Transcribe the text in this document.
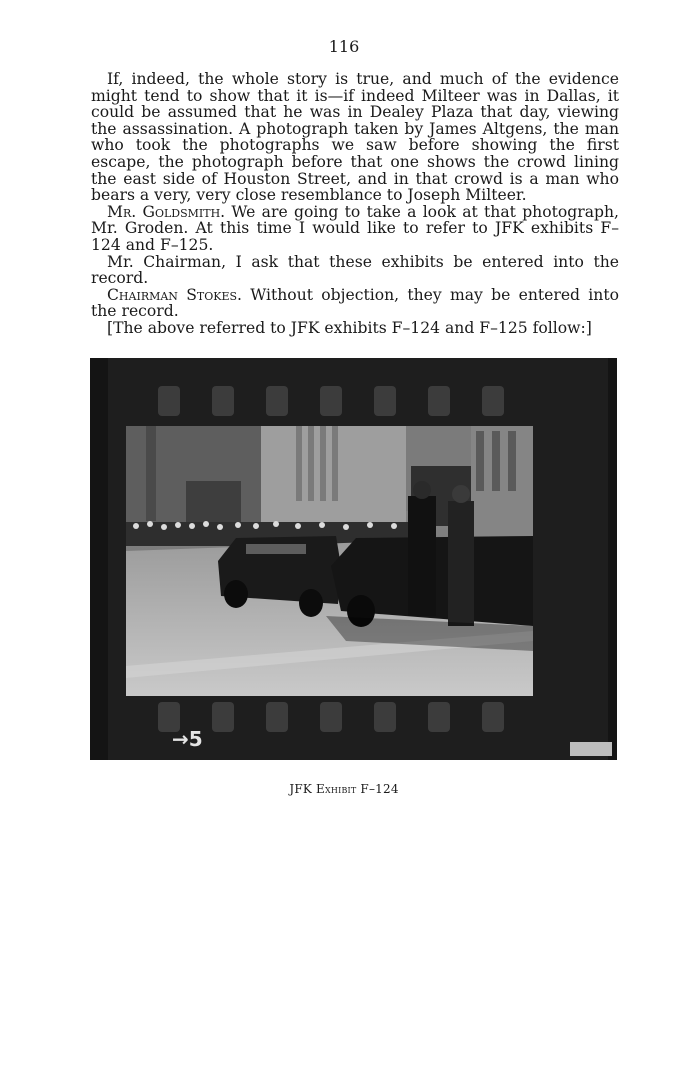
116

If, indeed, the whole story is true, and much of the evidence might tend to show that it is—if indeed Milteer was in Dallas, it could be assumed that he was in Dealey Plaza that day, viewing the assassination. A photograph taken by James Altgens, the man who took the photographs we saw before showing the first escape, the photograph before that one shows the crowd lining the east side of Houston Street, and in that crowd is a man who bears a very, very close resemblance to Joseph Milteer.

Mr. Goldsmith. We are going to take a look at that photograph, Mr. Groden. At this time I would like to refer to JFK exhibits F–124 and F–125.

Mr. Chairman, I ask that these exhibits be entered into the record.

Chairman Stokes. Without objection, they may be entered into the record.

[The above referred to JFK exhibits F–124 and F–125 follow:]

→5
JFK Exhibit F–124
